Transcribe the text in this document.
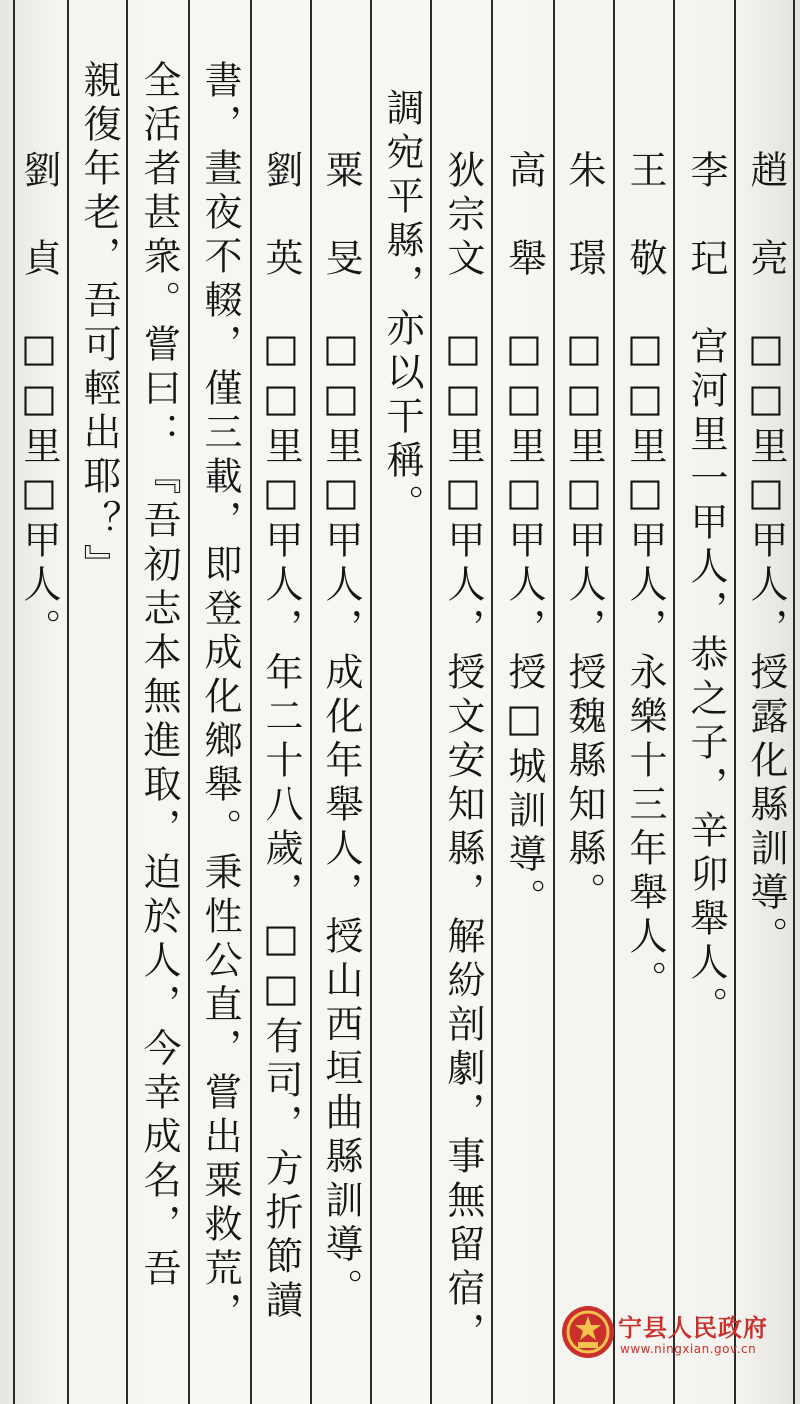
趙　亮　□□里□甲人，授露化縣訓導。
李　玘　宫河里一甲人，恭之子，辛卯舉人。
王　敬　□□里□甲人，永樂十三年舉人。
朱　璟　□□里□甲人，授魏縣知縣。
高　舉　□□里□甲人，授□城訓導。
狄宗文　□□里□甲人，授文安知縣，解紛剖劇，事無留宿，
調宛平縣，亦以干稱。
粟　旻　□□里□甲人，成化年舉人，授山西垣曲縣訓導。
劉　英　□□里□甲人，年二十八歲，□□有司，方折節讀
書，晝夜不輟，僅三載，即登成化鄉舉。秉性公直，嘗出粟救荒，
全活者甚衆。嘗曰：『吾初志本無進取，迫於人，今幸成名，吾
親復年老，吾可輕出耶？』
劉　貞　□□里□甲人。
宁县人民政府
www.ningxian.gov.cn
